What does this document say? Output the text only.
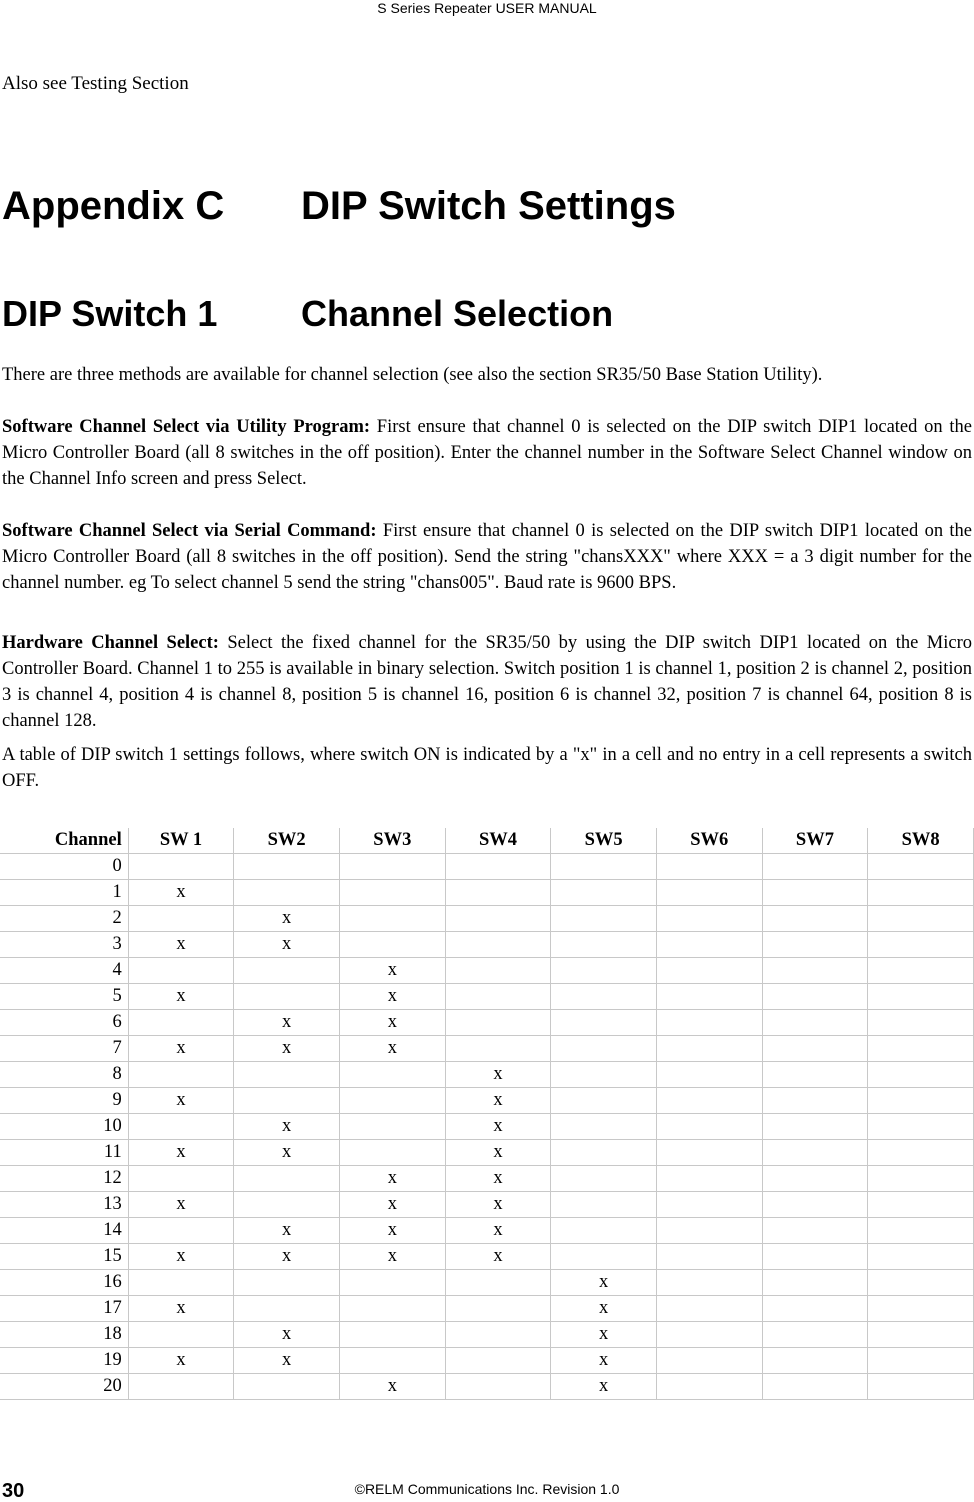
S Series Repeater USER MANUAL
Also see Testing Section
Appendix C DIP Switch Settings
DIP Switch 1 Channel Selection
There are three methods are available for channel selection (see also the section SR35/50 Base Station Utility).
Software Channel Select via Utility Program: First ensure that channel 0 is selected on the DIP switch DIP1 located on the Micro Controller Board (all 8 switches in the off position). Enter the channel number in the Software Select Channel window on the Channel Info screen and press Select.
Software Channel Select via Serial Command: First ensure that channel 0 is selected on the DIP switch DIP1 located on the Micro Controller Board (all 8 switches in the off position). Send the string "chansXXX" where XXX = a 3 digit number for the channel number. eg To select channel 5 send the string "chans005". Baud rate is 9600 BPS.
Hardware Channel Select: Select the fixed channel for the SR35/50 by using the DIP switch DIP1 located on the Micro Controller Board. Channel 1 to 255 is available in binary selection. Switch position 1 is channel 1, position 2 is channel 2, position 3 is channel 4, position 4 is channel 8, position 5 is channel 16, position 6 is channel 32, position 7 is channel 64, position 8 is channel 128.
A table of DIP switch 1 settings follows, where switch ON is indicated by a "x" in a cell and no entry in a cell represents a switch OFF.
Channel	SW 1	SW2	SW3	SW4	SW5	SW6	SW7	SW8
0								
1	x							
2		x						
3	x	x						
4			x					
5	x		x					
6		x	x					
7	x	x	x					
8				x				
9	x			x				
10		x		x				
11	x	x		x				
12			x	x				
13	x		x	x				
14		x	x	x				
15	x	x	x	x				
16					x			
17	x				x			
18		x			x			
19	x	x			x			
20			x		x			
30	©RELM Communications Inc. Revision 1.0
